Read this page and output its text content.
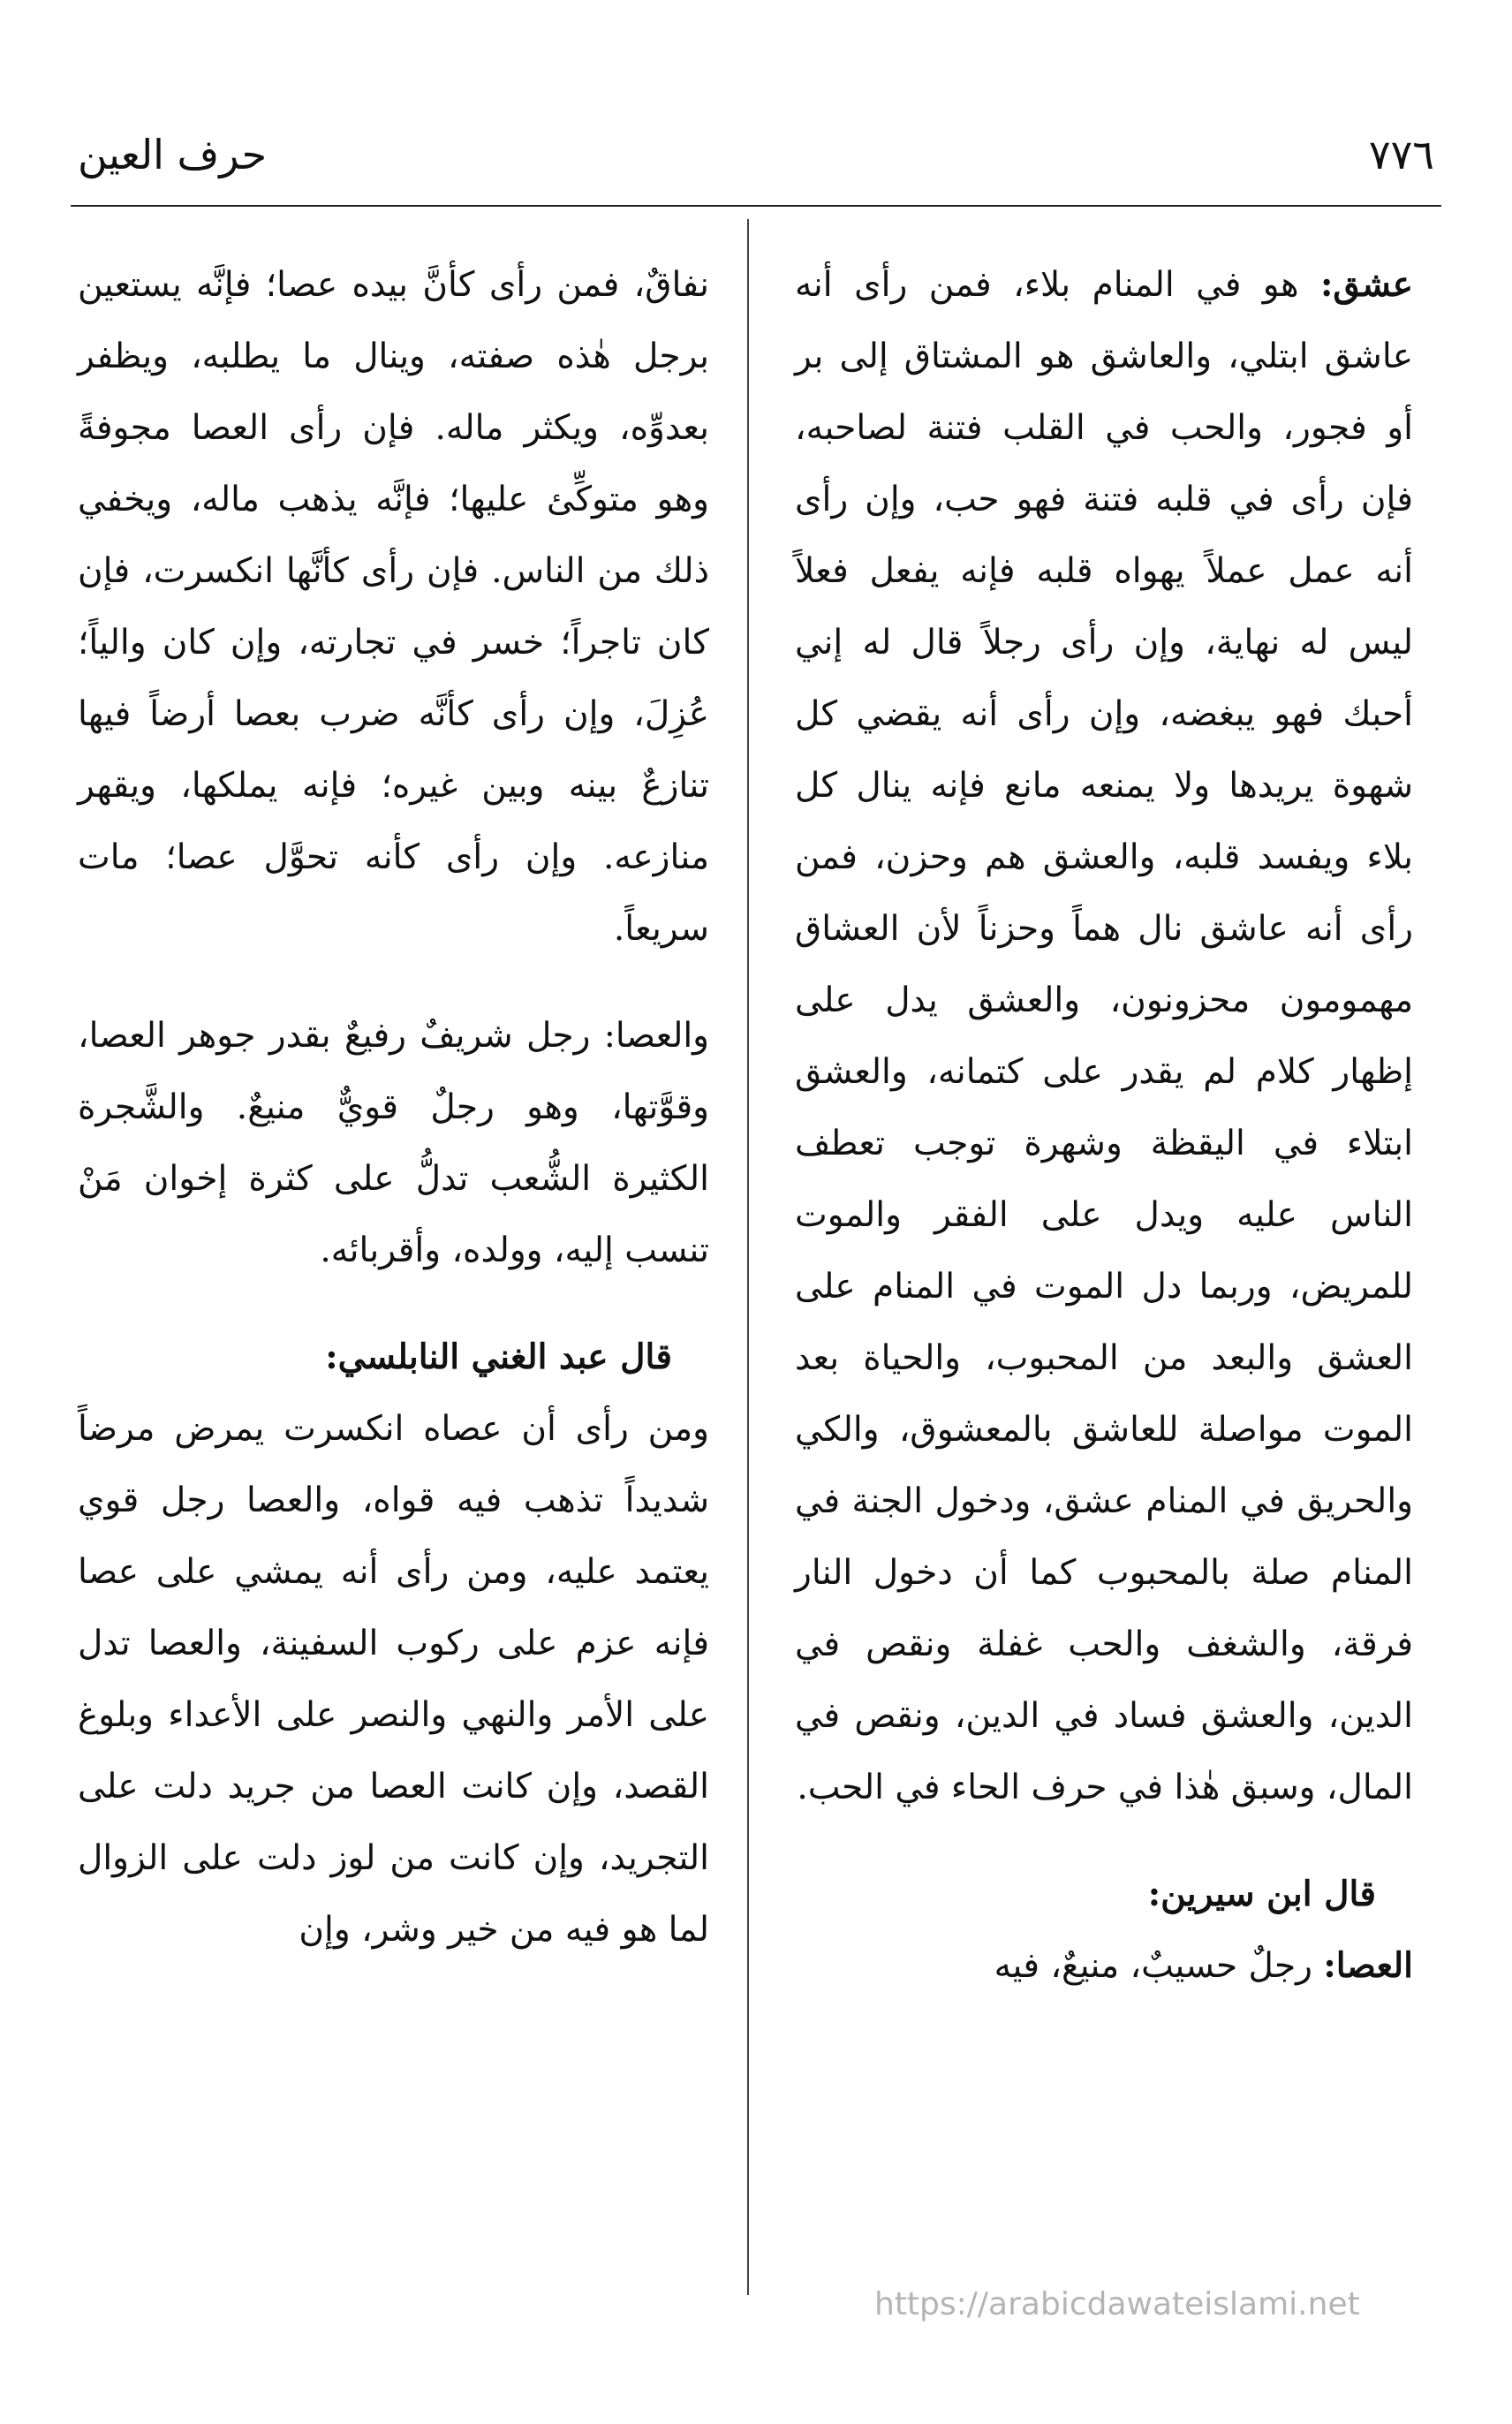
٧٧٦
حرف العين

عشق: هو في المنام بلاء، فمن رأى أنه عاشق ابتلي، والعاشق هو المشتاق إلى بر أو فجور، والحب في القلب فتنة لصاحبه، فإن رأى في قلبه فتنة فهو حب، وإن رأى أنه عمل عملاً يهواه قلبه فإنه يفعل فعلاً ليس له نهاية، وإن رأى رجلاً قال له إني أحبك فهو يبغضه، وإن رأى أنه يقضي كل شهوة يريدها ولا يمنعه مانع فإنه ينال كل بلاء ويفسد قلبه، والعشق هم وحزن، فمن رأى أنه عاشق نال هماً وحزناً لأن العشاق مهمومون محزونون، والعشق يدل على إظهار كلام لم يقدر على كتمانه، والعشق ابتلاء في اليقظة وشهرة توجب تعطف الناس عليه ويدل على الفقر والموت للمريض، وربما دل الموت في المنام على العشق والبعد من المحبوب، والحياة بعد الموت مواصلة للعاشق بالمعشوق، والكي والحريق في المنام عشق، ودخول الجنة في المنام صلة بالمحبوب كما أن دخول النار فرقة، والشغف والحب غفلة ونقص في الدين، والعشق فساد في الدين، ونقص في المال، وسبق هٰذا في حرف الحاء في الحب.

قال ابن سيرين:

العصا: رجلٌ حسيبٌ، منيعٌ، فيه

نفاقٌ، فمن رأى كأنَّ بيده عصا؛ فإنَّه يستعين برجل هٰذه صفته، وينال ما يطلبه، ويظفر بعدوِّه، ويكثر ماله. فإن رأى العصا مجوفةً وهو متوكِّئ عليها؛ فإنَّه يذهب ماله، ويخفي ذلك من الناس. فإن رأى كأنَّها انكسرت، فإن كان تاجراً؛ خسر في تجارته، وإن كان والياً؛ عُزِلَ، وإن رأى كأنَّه ضرب بعصا أرضاً فيها تنازعٌ بينه وبين غيره؛ فإنه يملكها، ويقهر منازعه. وإن رأى كأنه تحوَّل عصا؛ مات سريعاً.

والعصا: رجل شريفٌ رفيعٌ بقدر جوهر العصا، وقوَّتها، وهو رجلٌ قويٌّ منيعٌ. والشَّجرة الكثيرة الشُّعب تدلُّ على كثرة إخوان مَنْ تنسب إليه، وولده، وأقربائه.

قال عبد الغني النابلسي:

ومن رأى أن عصاه انكسرت يمرض مرضاً شديداً تذهب فيه قواه، والعصا رجل قوي يعتمد عليه، ومن رأى أنه يمشي على عصا فإنه عزم على ركوب السفينة، والعصا تدل على الأمر والنهي والنصر على الأعداء وبلوغ القصد، وإن كانت العصا من جريد دلت على التجريد، وإن كانت من لوز دلت على الزوال لما هو فيه من خير وشر، وإن

https://arabicdawateislami.net
